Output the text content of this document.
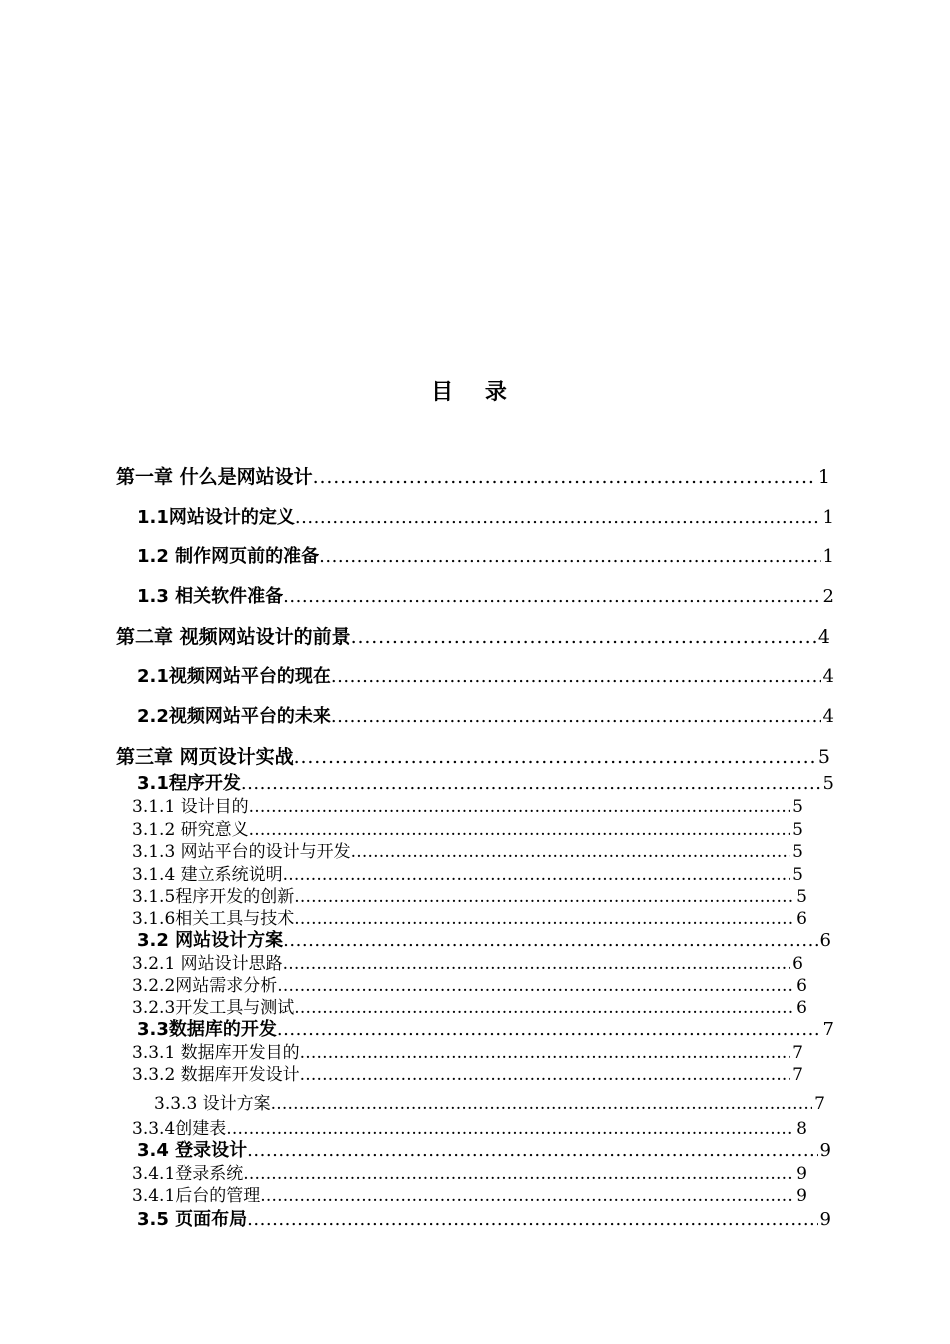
目 录
第一章 什么是网站设计 . . .	1
1.1网站设计的定义 . . .	1
1.2 制作网页前的准备 . . .	1
1.3 相关软件准备 . . .	2
第二章 视频网站设计的前景 . . .	4
2.1视频网站平台的现在 . . .	4
2.2视频网站平台的未来 . . .	4
第三章 网页设计实战 . . .	5
3.1程序开发 . . .	5
3.1.1 设计目的 . . .	5
3.1.2 研究意义 . . .	5
3.1.3 网站平台的设计与开发 . . .	5
3.1.4 建立系统说明 . . .	5
3.1.5程序开发的创新 . . .	5
3.1.6相关工具与技术 . . .	6
3.2 网站设计方案 . . .	6
3.2.1 网站设计思路 . . .	6
3.2.2网站需求分析 . . .	6
3.2.3开发工具与测试 . . .	6
3.3数据库的开发 . . .	7
3.3.1 数据库开发目的 . . .	7
3.3.2 数据库开发设计 . . .	7
3.3.3 设计方案 . . .	7
3.3.4创建表 . . .	8
3.4 登录设计 . . .	9
3.4.1登录系统 . . .	9
3.4.1后台的管理 . . .	9
3.5 页面布局 . . .	9
